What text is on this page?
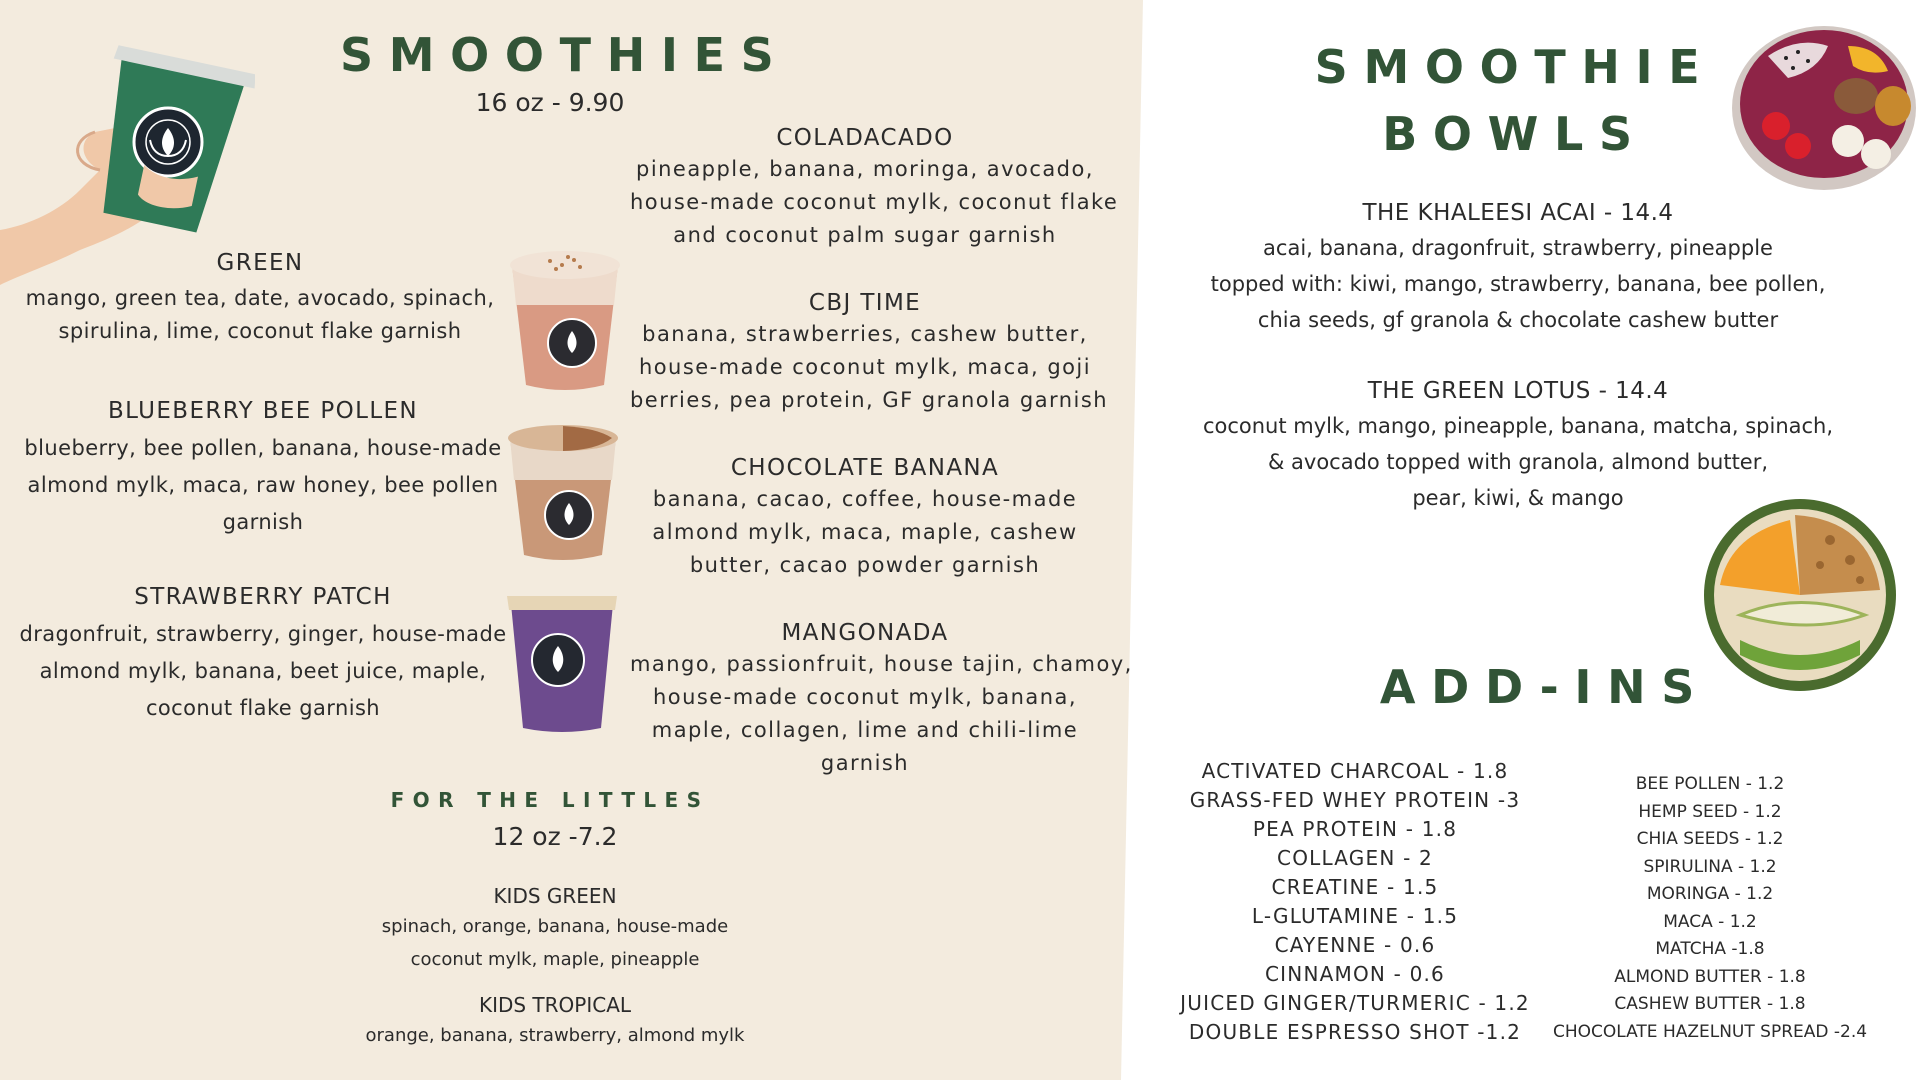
SMOOTHIES
16 oz - 9.90
GREEN
mango, green tea, date, avocado, spinach,
spirulina, lime, coconut flake garnish
BLUEBERRY BEE POLLEN
blueberry, bee pollen, banana, house-made
almond mylk, maca, raw honey, bee pollen
garnish
STRAWBERRY PATCH
dragonfruit, strawberry, ginger, house-made
almond mylk, banana, beet juice, maple,
coconut flake garnish
COLADACADO
pineapple, banana, moringa, avocado,
house-made coconut mylk, coconut flake
and coconut palm sugar garnish
CBJ TIME
banana, strawberries, cashew butter,
house-made coconut mylk, maca, goji
berries, pea protein, GF granola garnish
CHOCOLATE BANANA
banana, cacao, coffee, house-made
almond mylk, maca, maple, cashew
butter, cacao powder garnish
MANGONADA
mango, passionfruit, house tajin, chamoy,
house-made coconut mylk, banana,
maple, collagen, lime and chili-lime
garnish
FOR THE LITTLES
12 oz -7.2
KIDS GREEN
spinach, orange, banana, house-made
coconut mylk, maple, pineapple
KIDS TROPICAL
orange, banana, strawberry, almond mylk
SMOOTHIE
BOWLS
THE KHALEESI ACAI - 14.4
acai, banana, dragonfruit, strawberry, pineapple
topped with: kiwi, mango, strawberry, banana, bee pollen,
chia seeds, gf granola & chocolate cashew butter
THE GREEN LOTUS - 14.4
coconut mylk, mango, pineapple, banana, matcha, spinach,
& avocado topped with granola, almond butter,
pear, kiwi, & mango
ADD-INS
ACTIVATED CHARCOAL - 1.8
GRASS-FED WHEY PROTEIN -3
PEA PROTEIN - 1.8
COLLAGEN - 2
CREATINE - 1.5
L-GLUTAMINE - 1.5
CAYENNE - 0.6
CINNAMON - 0.6
JUICED GINGER/TURMERIC - 1.2
DOUBLE ESPRESSO SHOT -1.2
BEE POLLEN - 1.2
HEMP SEED - 1.2
CHIA SEEDS - 1.2
SPIRULINA - 1.2
MORINGA - 1.2
MACA - 1.2
MATCHA -1.8
ALMOND BUTTER - 1.8
CASHEW BUTTER - 1.8
CHOCOLATE HAZELNUT SPREAD -2.4
